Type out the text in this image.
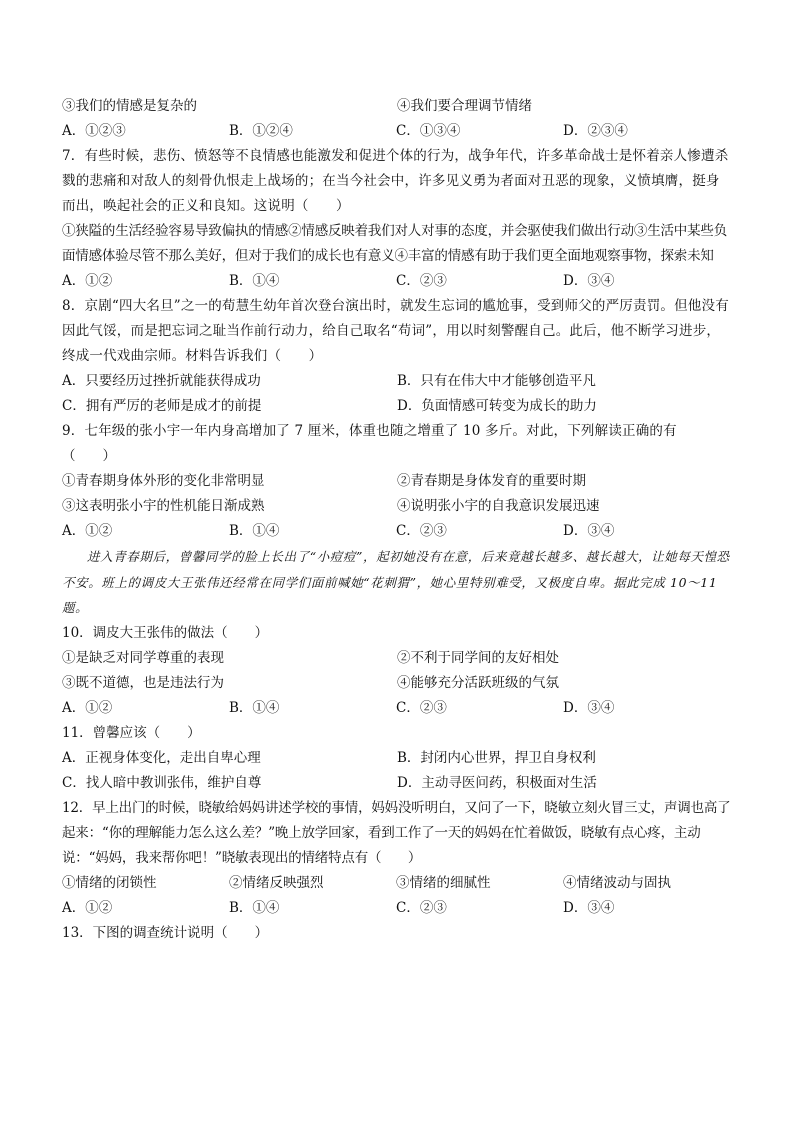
③我们的情感是复杂的	④我们要合理调节情绪
A．①②③	B．①②④	C．①③④	D．②③④
7．有些时候，悲伤、愤怒等不良情感也能激发和促进个体的行为，战争年代，许多革命战士是怀着亲人惨遭杀戮的悲痛和对敌人的刻骨仇恨走上战场的；在当今社会中，许多见义勇为者面对丑恶的现象，义愤填膺，挺身而出，唤起社会的正义和良知。这说明（　　）
①狭隘的生活经验容易导致偏执的情感②情感反映着我们对人对事的态度，并会驱使我们做出行动③生活中某些负面情感体验尽管不那么美好，但对于我们的成长也有意义④丰富的情感有助于我们更全面地观察事物，探索未知
A．①②	B．①④	C．②③	D．③④
8．京剧“四大名旦”之一的荀慧生幼年首次登台演出时，就发生忘词的尴尬事，受到师父的严厉责罚。但他没有因此气馁，而是把忘词之耻当作前行动力，给自己取名“苟词”，用以时刻警醒自己。此后，他不断学习进步，终成一代戏曲宗师。材料告诉我们（　　）
A．只要经历过挫折就能获得成功	B．只有在伟大中才能够创造平凡
C．拥有严厉的老师是成才的前提	D．负面情感可转变为成长的助力
9．七年级的张小宇一年内身高增加了 7 厘米，体重也随之增重了 10 多斤。对此，下列解读正确的有
（　　）
①青春期身体外形的变化非常明显	②青春期是身体发育的重要时期
③这表明张小宇的性机能日渐成熟	④说明张小宇的自我意识发展迅速
A．①②	B．①④	C．②③	D．③④
进入青春期后，曾馨同学的脸上长出了“小痘痘”，起初她没有在意，后来竟越长越多、越长越大，让她每天惶恐不安。班上的调皮大王张伟还经常在同学们面前喊她“花刺猬”，她心里特别难受，又极度自卑。据此完成 10～11 题。
10．调皮大王张伟的做法（　　）
①是缺乏对同学尊重的表现	②不利于同学间的友好相处
③既不道德，也是违法行为	④能够充分活跃班级的气氛
A．①②	B．①④	C．②③	D．③④
11．曾馨应该（　　）
A．正视身体变化，走出自卑心理	B．封闭内心世界，捍卫自身权利
C．找人暗中教训张伟，维护自尊	D．主动寻医问药，积极面对生活
12．早上出门的时候，晓敏给妈妈讲述学校的事情，妈妈没听明白，又问了一下，晓敏立刻火冒三丈，声调也高了起来：“你的理解能力怎么这么差？”晚上放学回家，看到工作了一天的妈妈在忙着做饭，晓敏有点心疼，主动说：“妈妈，我来帮你吧！”晓敏表现出的情绪特点有（　　）
①情绪的闭锁性	②情绪反映强烈	③情绪的细腻性	④情绪波动与固执
A．①②	B．①④	C．②③	D．③④
13．下图的调查统计说明（　　）
